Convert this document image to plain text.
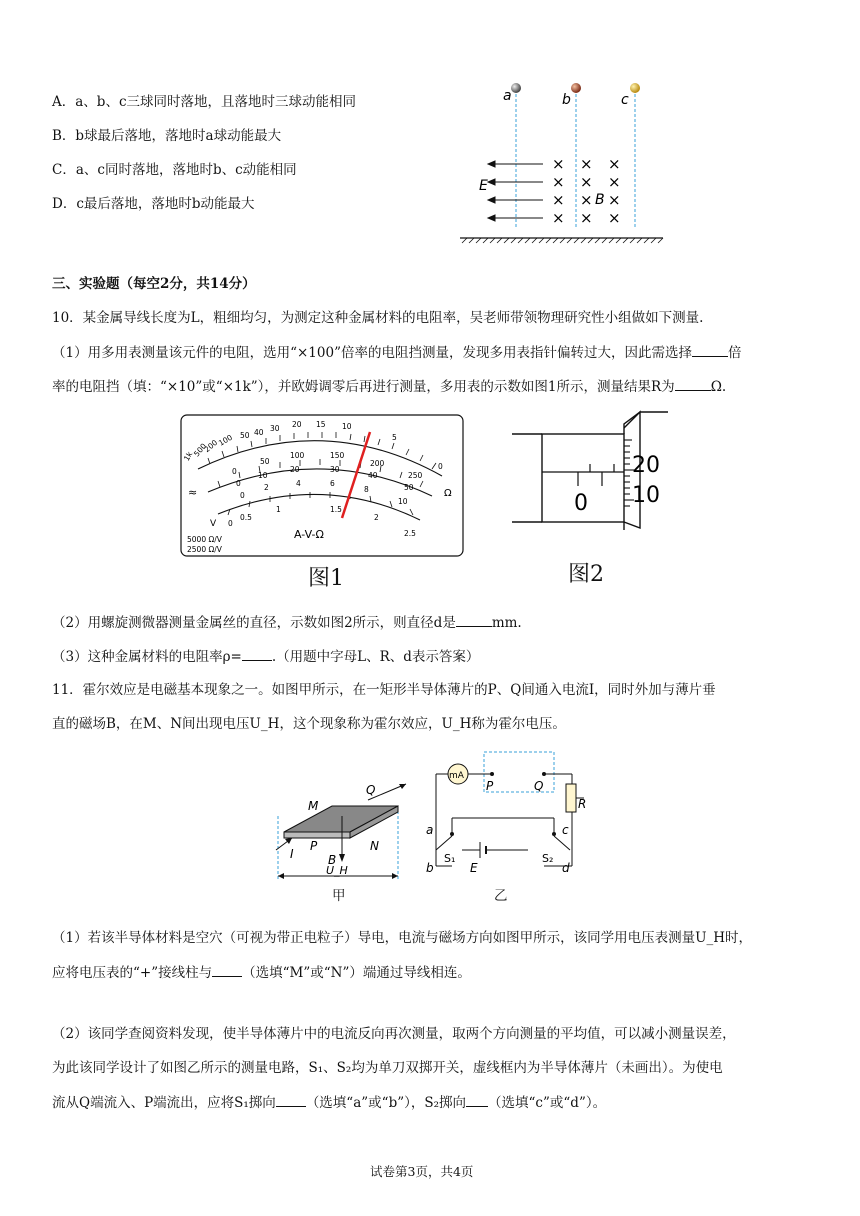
A．a、b、c三球同时落地，且落地时三球动能相同
B．b球最后落地，落地时a球动能最大
C．a、c同时落地，落地时b、c动能相同
D．c最后落地，落地时b动能最大
a	b	c
E
× × ×
× × ×
× × ×
× × ×
B
三、实验题（每空2分，共14分）
10．某金属导线长度为L，粗细均匀，为测定这种金属材料的电阻率，吴老师带领物理研究性小组做如下测量.
（1）用多用表测量该元件的电阻，选用“×100”倍率的电阻挡测量，发现多用表指针偏转过大，因此需选择	倍
率的电阻挡（填：“×10”或“×1k”），并欧姆调零后再进行测量，多用表的示数如图1所示，测量结果R为	Ω.
1k
500
200
100 50 40 30 20 15 10
5
0
0
50
100	150
200
250
0
10
20	30
40
50
0
2	4	6
8
10
0
0.5
1	1.5
2
2.5
Ω
≈
V
A-V-Ω
5000 Ω/V
2500 Ω/V
图1
20
10
0
图2
（2）用螺旋测微器测量金属丝的直径，示数如图2所示，则直径d是	mm.
（3）这种金属材料的电阻率ρ= .（用题中字母L、R、d表示答案）
11．霍尔效应是电磁基本现象之一。如图甲所示，在一矩形半导体薄片的P、Q间通入电流I，同时外加与薄片垂
直的磁场B，在M、N间出现电压U_H，这个现象称为霍尔效应，U_H称为霍尔电压。
M
Q
N
P
I	B
U_H
甲
mA
P	Q
R
a	c
b	d
S₁	S₂
E
乙
（1）若该半导体材料是空穴（可视为带正电粒子）导电，电流与磁场方向如图甲所示，该同学用电压表测量U_H时，
应将电压表的“+”接线柱与 （选填“M”或“N”）端通过导线相连。
（2）该同学查阅资料发现，使半导体薄片中的电流反向再次测量，取两个方向测量的平均值，可以减小测量误差，
为此该同学设计了如图乙所示的测量电路，S₁、S₂均为单刀双掷开关，虚线框内为半导体薄片（未画出）。为使电
流从Q端流入、P端流出，应将S₁掷向 （选填“a”或“b”），S₂掷向 （选填“c”或“d”）。
试卷第3页，共4页
